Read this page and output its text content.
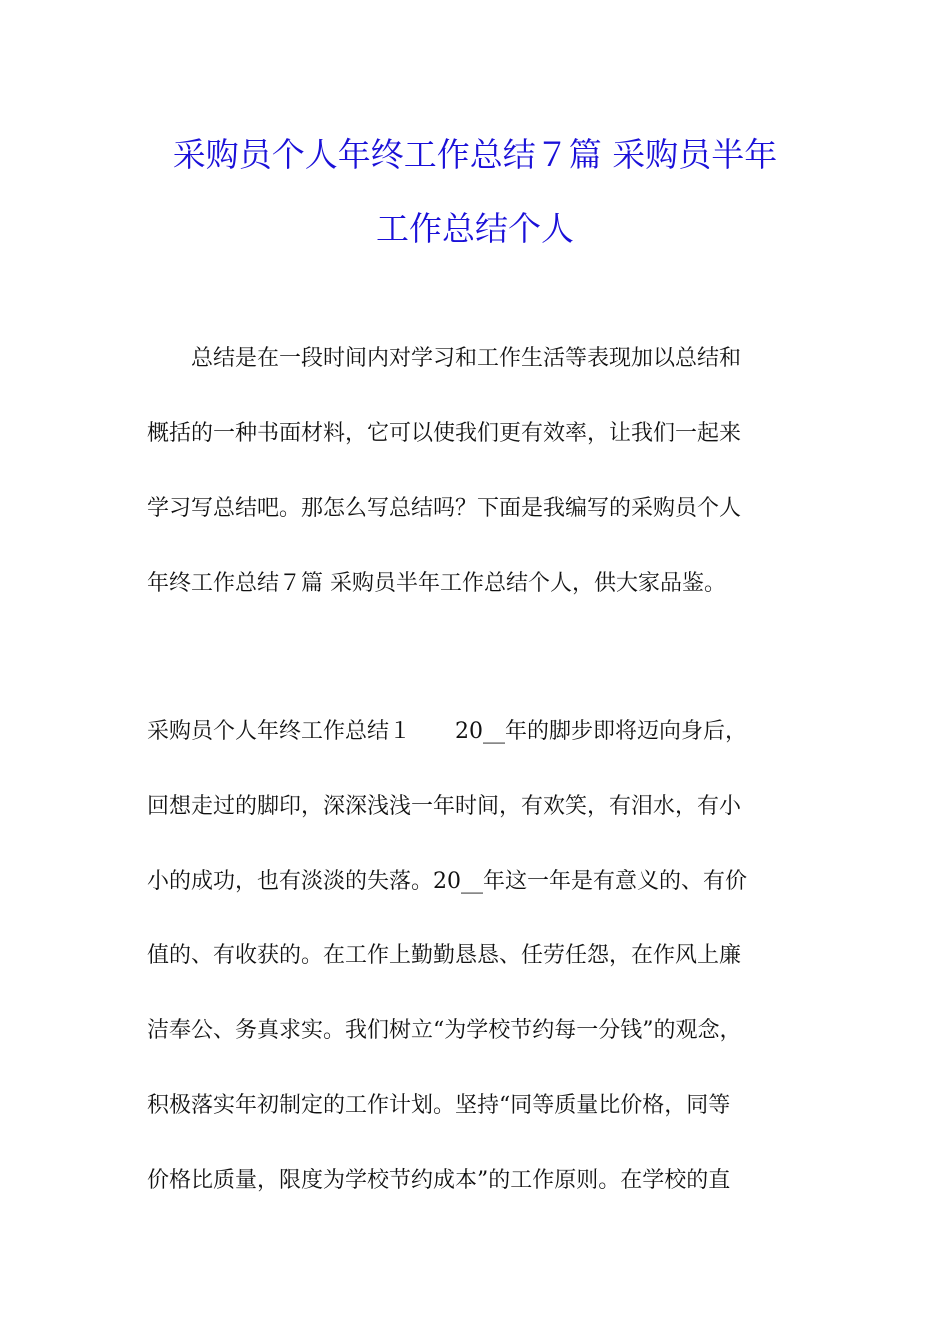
采购员个人年终工作总结７篇 采购员半年
工作总结个人
　　总结是在一段时间内对学习和工作生活等表现加以总结和
概括的一种书面材料，它可以使我们更有效率，让我们一起来
学习写总结吧。那怎么写总结吗？下面是我编写的采购员个人
年终工作总结７篇 采购员半年工作总结个人，供大家品鉴。
采购员个人年终工作总结１　　20__年的脚步即将迈向身后，
回想走过的脚印，深深浅浅一年时间，有欢笑，有泪水，有小
小的成功，也有淡淡的失落。20__年这一年是有意义的、有价
值的、有收获的。在工作上勤勤恳恳、任劳任怨，在作风上廉
洁奉公、务真求实。我们树立“为学校节约每一分钱”的观念，
积极落实年初制定的工作计划。坚持“同等质量比价格，同等
价格比质量，限度为学校节约成本”的工作原则。在学校的直
